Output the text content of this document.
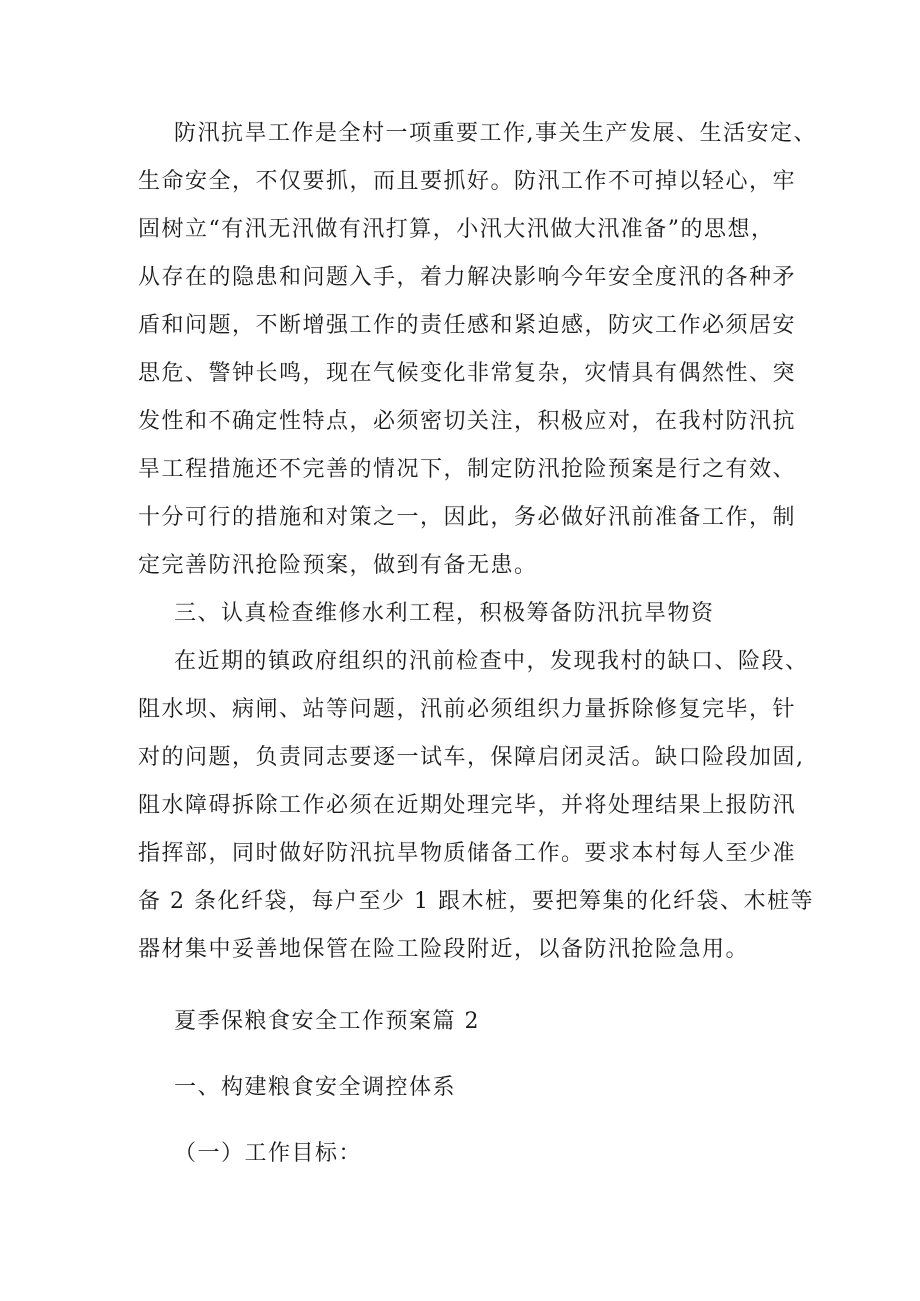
防汛抗旱工作是全村一项重要工作,事关生产发展、生活安定、
生命安全，不仅要抓，而且要抓好。防汛工作不可掉以轻心，牢
固树立“有汛无汛做有汛打算，小汛大汛做大汛准备”的思想，
从存在的隐患和问题入手，着力解决影响今年安全度汛的各种矛
盾和问题，不断增强工作的责任感和紧迫感，防灾工作必须居安
思危、警钟长鸣，现在气候变化非常复杂，灾情具有偶然性、突
发性和不确定性特点，必须密切关注，积极应对，在我村防汛抗
旱工程措施还不完善的情况下，制定防汛抢险预案是行之有效、
十分可行的措施和对策之一，因此，务必做好汛前准备工作，制
定完善防汛抢险预案，做到有备无患。
三、认真检查维修水利工程，积极筹备防汛抗旱物资
在近期的镇政府组织的汛前检查中，发现我村的缺口、险段、
阻水坝、病闸、站等问题，汛前必须组织力量拆除修复完毕，针
对的问题，负责同志要逐一试车，保障启闭灵活。缺口险段加固,
阻水障碍拆除工作必须在近期处理完毕，并将处理结果上报防汛
指挥部，同时做好防汛抗旱物质储备工作。要求本村每人至少准
备 2 条化纤袋，每户至少 1 跟木桩，要把筹集的化纤袋、木桩等
器材集中妥善地保管在险工险段附近，以备防汛抢险急用。
夏季保粮食安全工作预案篇 2
一、构建粮食安全调控体系
（一）工作目标：
